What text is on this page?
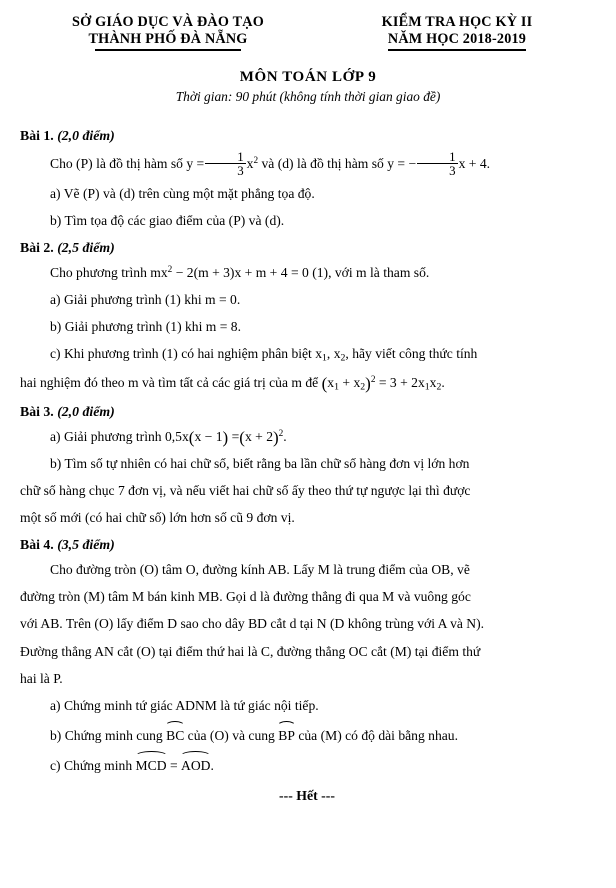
SỞ GIÁO DỤC VÀ ĐÀO TẠO
THÀNH PHỐ ĐÀ NẴNG
KIỂM TRA HỌC KỲ II
NĂM HỌC 2018-2019
MÔN TOÁN LỚP 9
Thời gian: 90 phút (không tính thời gian giao đề)
Bài 1. (2,0 điểm)
Cho (P) là đồ thị hàm số $y = \frac{1}{3} x^2$ và (d) là đồ thị hàm số y = − $\frac{1}{3}$ x + 4.
a) Vẽ (P) và (d) trên cùng một mặt phẳng tọa độ.
b) Tìm tọa độ các giao điểm của (P) và (d).
Bài 2. (2,5 điểm)
Cho phương trình $mx^2 - 2(m + 3)x + m + 4 = 0$ (1), với m là tham số.
a) Giải phương trình (1) khi m = 0.
b) Giải phương trình (1) khi m = 8.
c) Khi phương trình (1) có hai nghiệm phân biệt $x_1$, $x_2$, hãy viết công thức tính
hai nghiệm đó theo m và tìm tất cả các giá trị của m để $(x_1 + x_2)^2 = 3 + 2x_1x_2$.
Bài 3. (2,0 điểm)
a) Giải phương trình $0,5x(x - 1) =(x + 2)^2$.
b) Tìm số tự nhiên có hai chữ số, biết rằng ba lần chữ số hàng đơn vị lớn hơn
chữ số hàng chục 7 đơn vị, và nếu viết hai chữ số ấy theo thứ tự ngược lại thì được
một số mới (có hai chữ số) lớn hơn số cũ 9 đơn vị.
Bài 4. (3,5 điểm)
Cho đường tròn (O) tâm O, đường kính AB. Lấy M là trung điểm của OB, vẽ
đường tròn (M) tâm M bán kinh MB. Gọi d là đường thẳng đi qua M và vuông góc
với AB. Trên (O) lấy điểm D sao cho dây BD cắt d tại N (D không trùng với A và N).
Đường thẳng AN cắt (O) tại điểm thứ hai là C, đường thẳng OC cắt (M) tại điểm thứ
hai là P.
a) Chứng minh tứ giác ADNM là tứ giác nội tiếp.
b) Chứng minh cung BC của (O) và cung BP của (M) có độ dài bằng nhau.
c) Chứng minh MCD = AOD.
--- Hết ---
